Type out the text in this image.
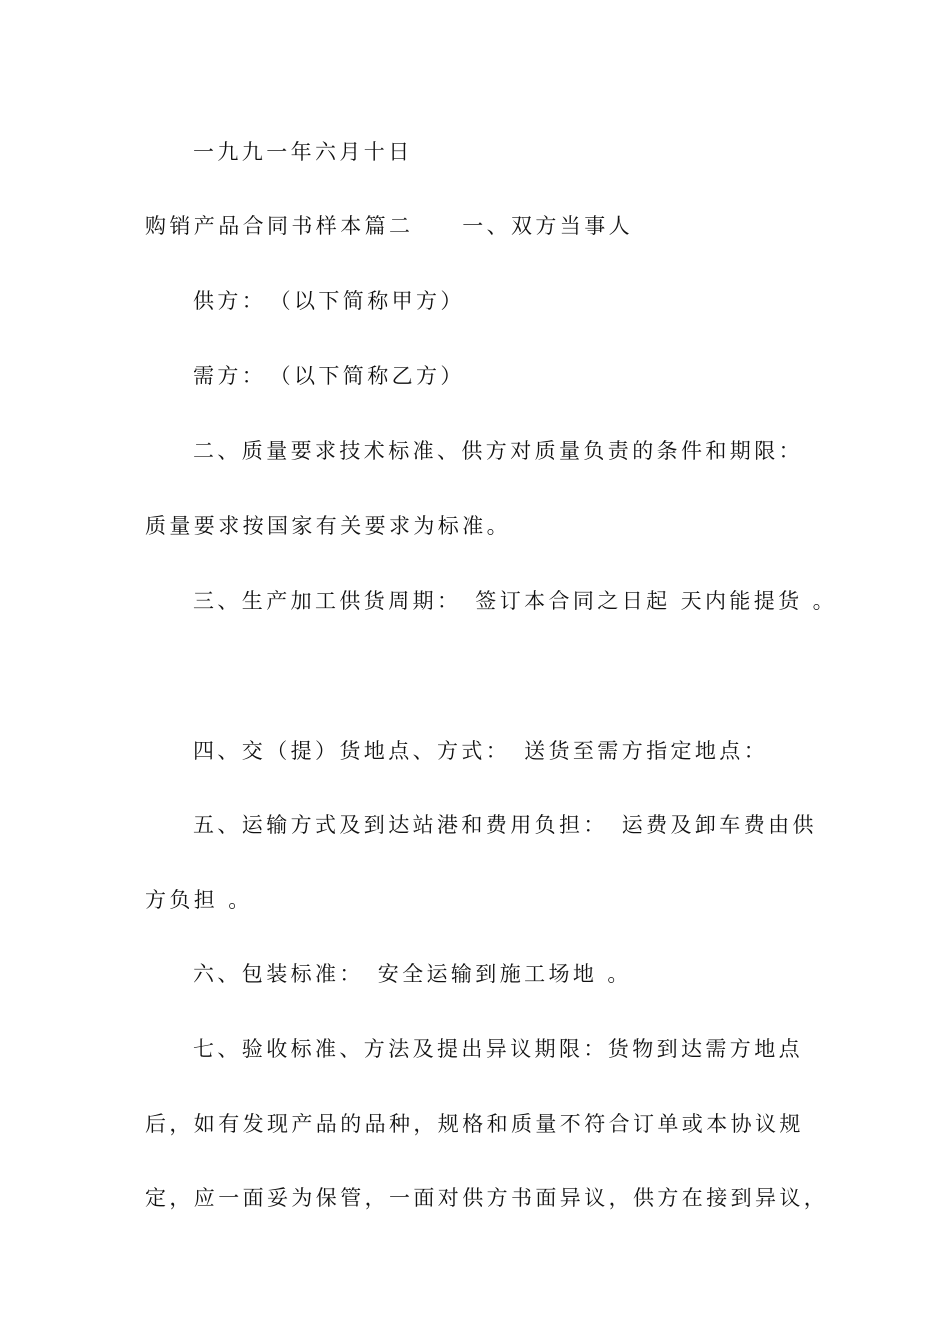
一九九一年六月十日
购销产品合同书样本篇二　　一、双方当事人
供方：　（以下简称甲方）
需方：　（以下简称乙方）
二、质量要求技术标准、供方对质量负责的条件和期限：
质量要求按国家有关要求为标准。
三、生产加工供货周期：　签订本合同之日起 天内能提货 。
四、交（提）货地点、方式：　送货至需方指定地点：
五、运输方式及到达站港和费用负担：　运费及卸车费由供
方负担 。
六、包装标准：　安全运输到施工场地 。
七、验收标准、方法及提出异议期限：货物到达需方地点
后，如有发现产品的品种，规格和质量不符合订单或本协议规
定，应一面妥为保管，一面对供方书面异议，供方在接到异议，
